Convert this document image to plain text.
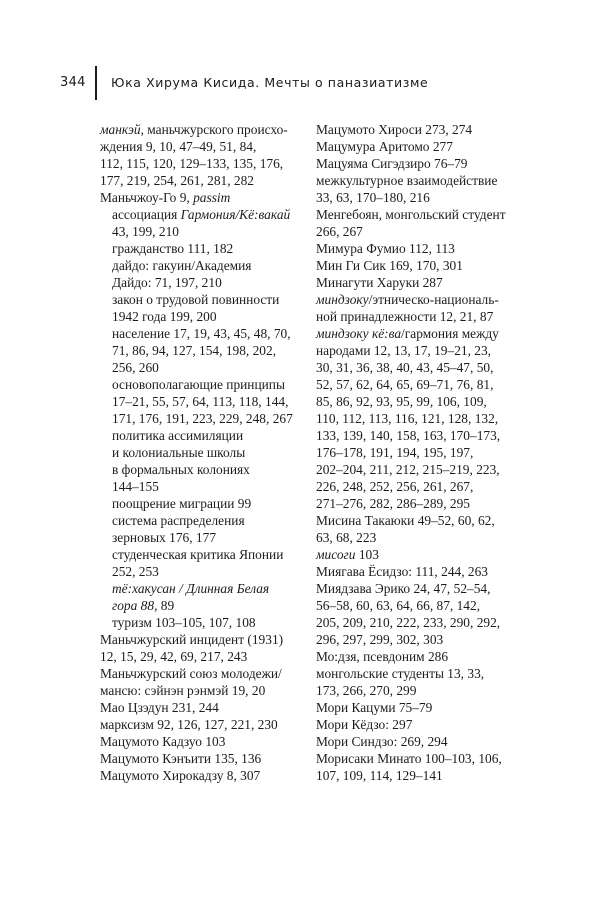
344 Юка Хирума Кисида. Мечты о паназиатизме
манкэй, маньчжурского происхо-
ждения 9, 10, 47–49, 51, 84,
112, 115, 120, 129–133, 135, 176,
177, 219, 254, 261, 281, 282
Маньчжоу-Го 9, passim
ассоциация Гармония/Кё:вакай
43, 199, 210
гражданство 111, 182
дайдо: гакуин/Академия
Дайдо: 71, 197, 210
закон о трудовой повинности
1942 года 199, 200
население 17, 19, 43, 45, 48, 70,
71, 86, 94, 127, 154, 198, 202,
256, 260
основополагающие принципы
17–21, 55, 57, 64, 113, 118, 144,
171, 176, 191, 223, 229, 248, 267
политика ассимиляции
и колониальные школы
в формальных колониях
144–155
поощрение миграции 99
система распределения
зерновых 176, 177
студенческая критика Японии
252, 253
тё:хакусан / Длинная Белая
гора 88, 89
туризм 103–105, 107, 108
Маньчжурский инцидент (1931)
12, 15, 29, 42, 69, 217, 243
Маньчжурский союз молодежи/
мансю: сэйнэн рэнмэй 19, 20
Мао Цзэдун 231, 244
марксизм 92, 126, 127, 221, 230
Мацумото Кадзуо 103
Мацумото Кэнъити 135, 136
Мацумото Хирокадзу 8, 307
Мацумото Хироси 273, 274
Мацумура Аритомо 277
Мацуяма Сигэдзиро 76–79
межкультурное взаимодействие
33, 63, 170–180, 216
Менгебоян, монгольский студент
266, 267
Мимура Фумио 112, 113
Мин Ги Сик 169, 170, 301
Минагути Харуки 287
миндзоку/этническо-националь-
ной принадлежности 12, 21, 87
миндзоку кё:ва/гармония между
народами 12, 13, 17, 19–21, 23,
30, 31, 36, 38, 40, 43, 45–47, 50,
52, 57, 62, 64, 65, 69–71, 76, 81,
85, 86, 92, 93, 95, 99, 106, 109,
110, 112, 113, 116, 121, 128, 132,
133, 139, 140, 158, 163, 170–173,
176–178, 191, 194, 195, 197,
202–204, 211, 212, 215–219, 223,
226, 248, 252, 256, 261, 267,
271–276, 282, 286–289, 295
Мисина Такаюки 49–52, 60, 62,
63, 68, 223
мисоги 103
Миягава Ёсидзо: 111, 244, 263
Миядзава Эрико 24, 47, 52–54,
56–58, 60, 63, 64, 66, 87, 142,
205, 209, 210, 222, 233, 290, 292,
296, 297, 299, 302, 303
Мо:дзя, псевдоним 286
монгольские студенты 13, 33,
173, 266, 270, 299
Мори Кацуми 75–79
Мори Кёдзо: 297
Мори Синдзо: 269, 294
Морисаки Минато 100–103, 106,
107, 109, 114, 129–141
